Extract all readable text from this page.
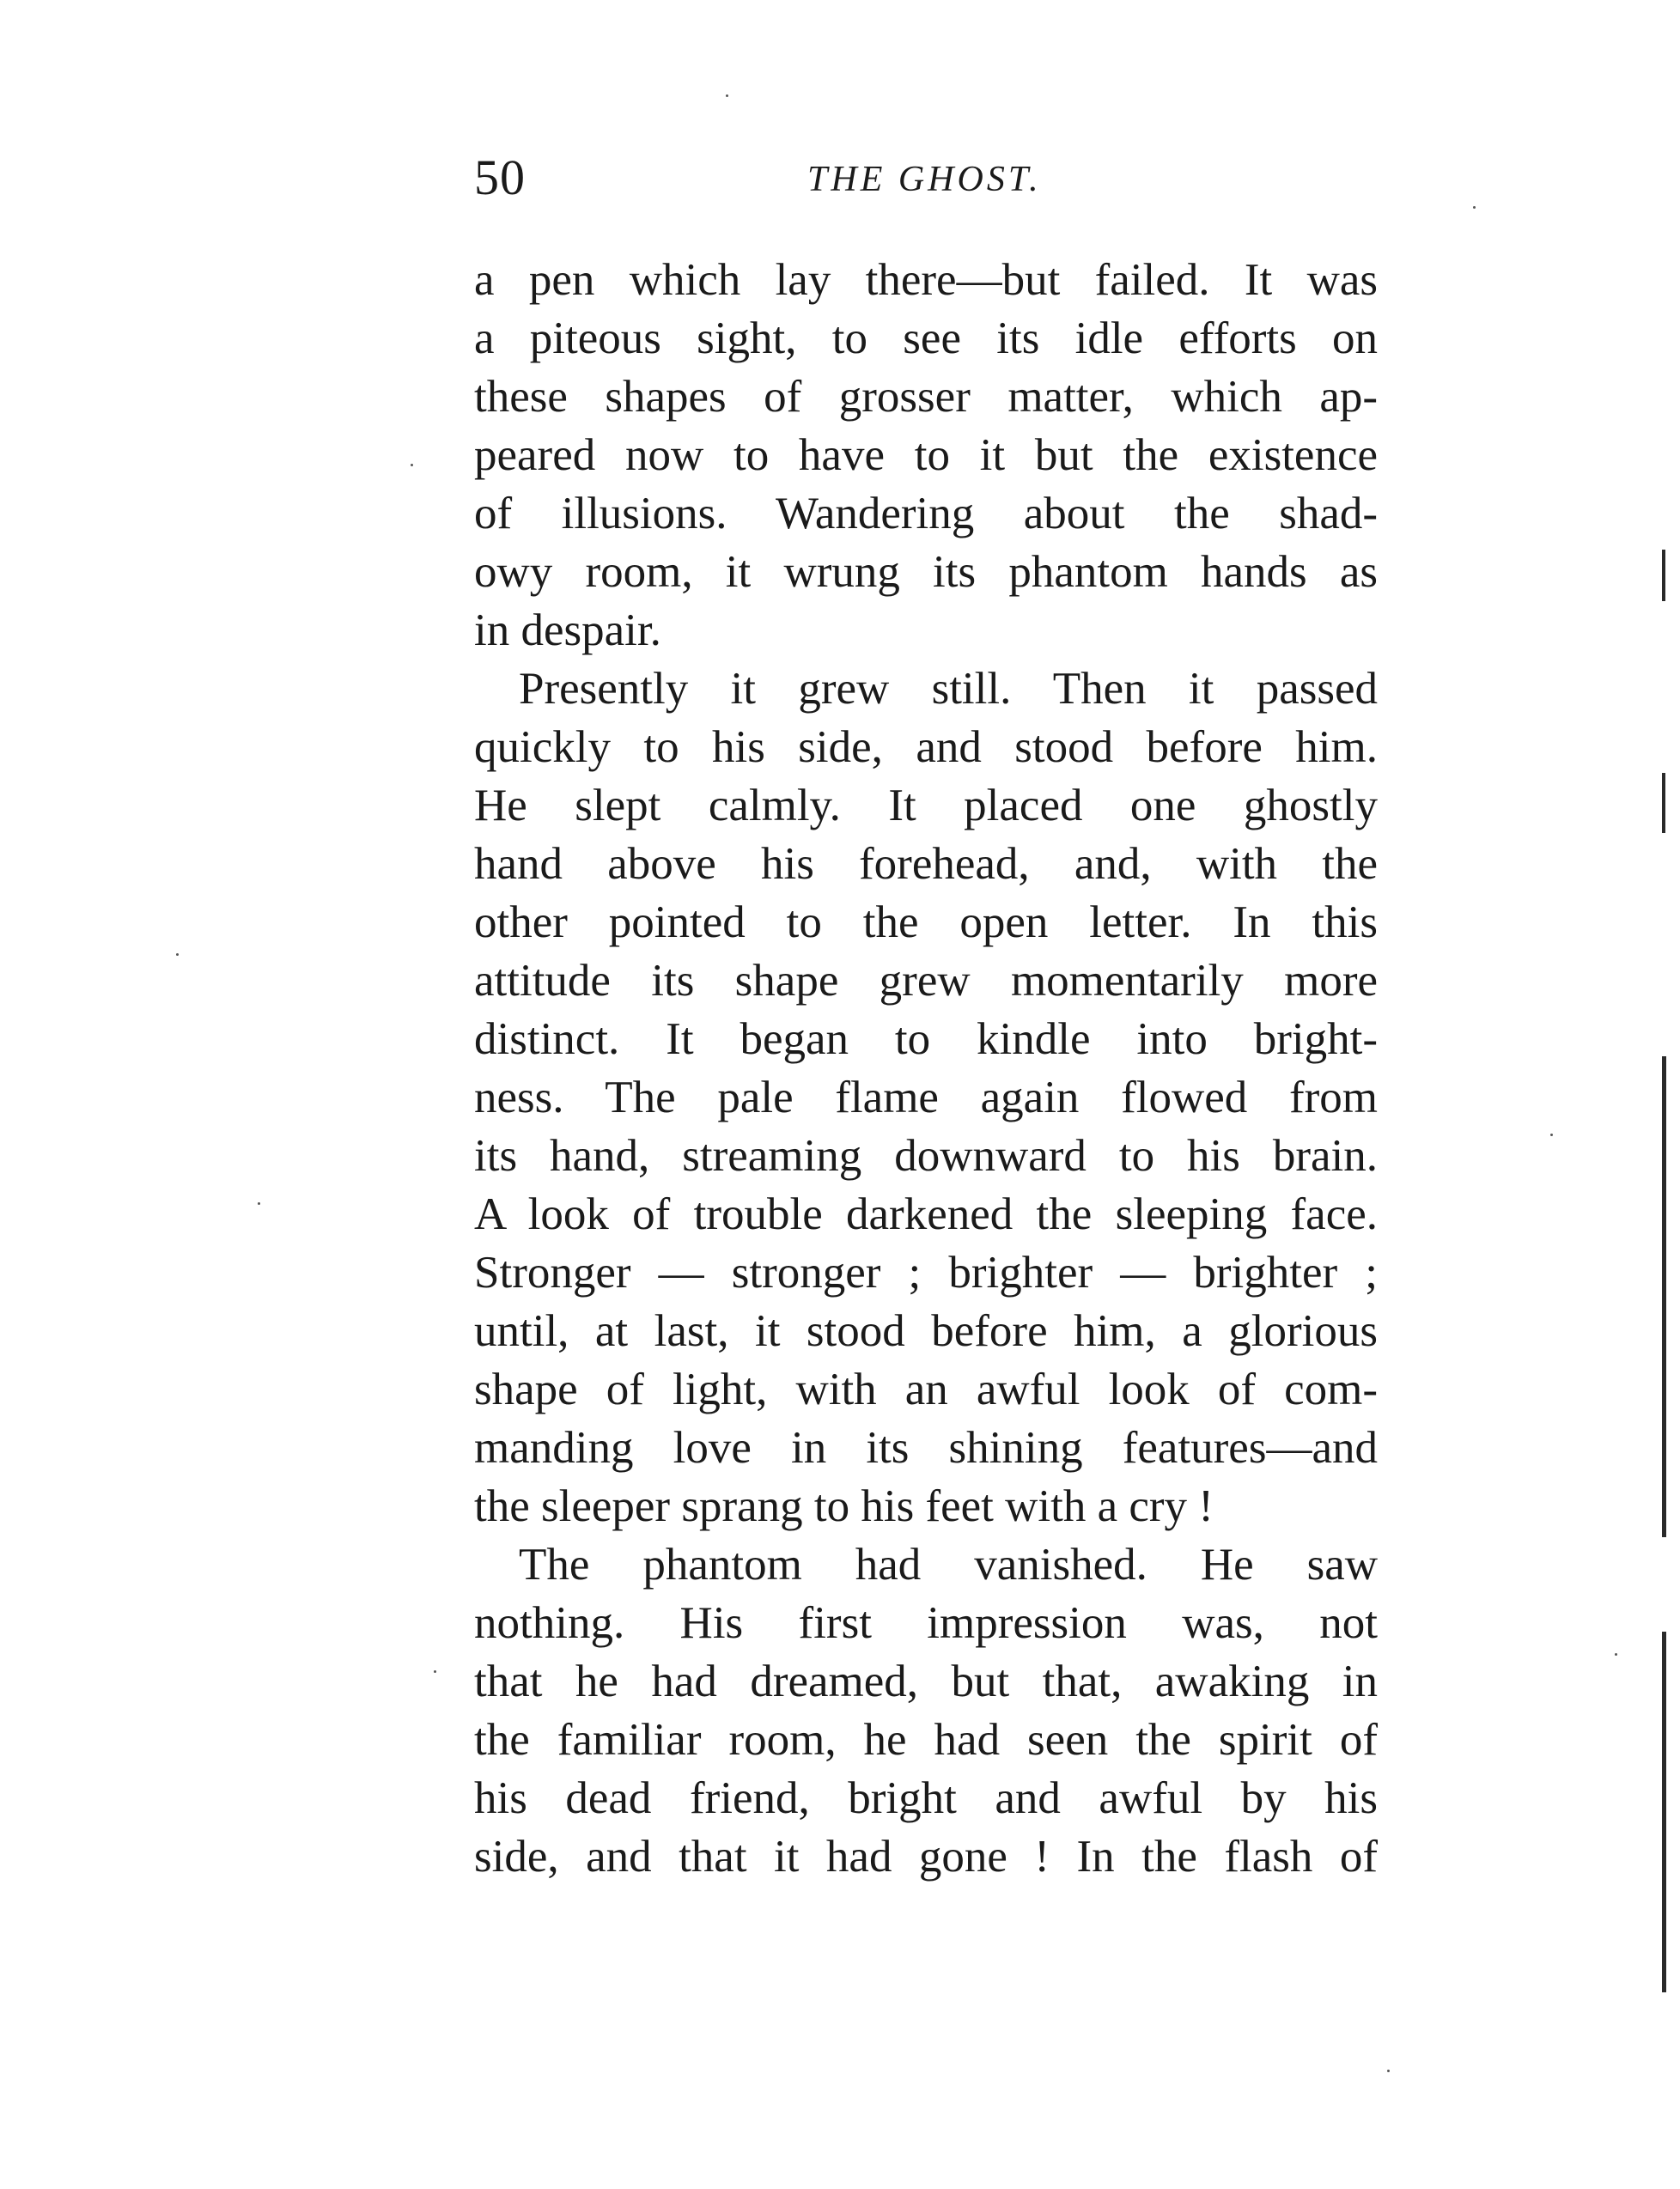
50	THE GHOST.
a pen which lay there—but failed. It was
a piteous sight, to see its idle efforts on
these shapes of grosser matter, which ap-
peared now to have to it but the existence
of illusions. Wandering about the shad-
owy room, it wrung its phantom hands as
in despair.
Presently it grew still. Then it passed
quickly to his side, and stood before him.
He slept calmly. It placed one ghostly
hand above his forehead, and, with the
other pointed to the open letter. In this
attitude its shape grew momentarily more
distinct. It began to kindle into bright-
ness. The pale flame again flowed from
its hand, streaming downward to his brain.
A look of trouble darkened the sleeping face.
Stronger — stronger ; brighter — brighter ;
until, at last, it stood before him, a glorious
shape of light, with an awful look of com-
manding love in its shining features—and
the sleeper sprang to his feet with a cry !
The phantom had vanished. He saw
nothing. His first impression was, not
that he had dreamed, but that, awaking in
the familiar room, he had seen the spirit of
his dead friend, bright and awful by his
side, and that it had gone ! In the flash of
